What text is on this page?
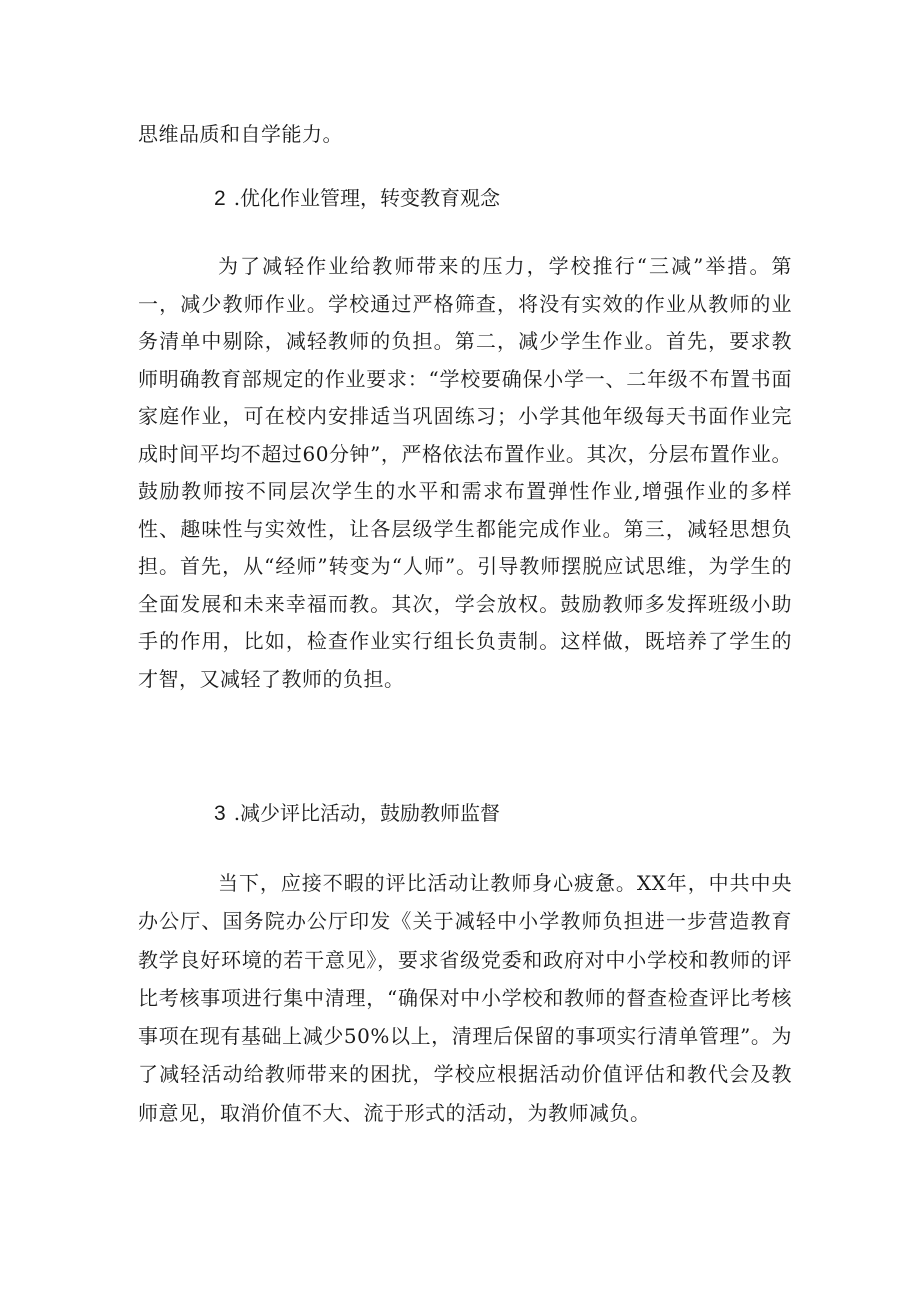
思维品质和自学能力。

2 .优化作业管理，转变教育观念

为了减轻作业给教师带来的压力，学校推行“三减”举措。第一，减少教师作业。学校通过严格筛查，将没有实效的作业从教师的业务清单中剔除，减轻教师的负担。第二，减少学生作业。首先，要求教师明确教育部规定的作业要求：“学校要确保小学一、二年级不布置书面家庭作业，可在校内安排适当巩固练习；小学其他年级每天书面作业完成时间平均不超过60分钟”，严格依法布置作业。其次，分层布置作业。鼓励教师按不同层次学生的水平和需求布置弹性作业,增强作业的多样性、趣味性与实效性，让各层级学生都能完成作业。第三，减轻思想负担。首先，从“经师”转变为“人师”。引导教师摆脱应试思维，为学生的全面发展和未来幸福而教。其次，学会放权。鼓励教师多发挥班级小助手的作用，比如，检查作业实行组长负责制。这样做，既培养了学生的才智，又减轻了教师的负担。

3 .减少评比活动，鼓励教师监督

当下，应接不暇的评比活动让教师身心疲惫。XX年，中共中央办公厅、国务院办公厅印发《关于减轻中小学教师负担进一步营造教育教学良好环境的若干意见》，要求省级党委和政府对中小学校和教师的评比考核事项进行集中清理，“确保对中小学校和教师的督查检查评比考核事项在现有基础上减少50%以上，清理后保留的事项实行清单管理”。为了减轻活动给教师带来的困扰，学校应根据活动价值评估和教代会及教师意见，取消价值不大、流于形式的活动，为教师减负。
